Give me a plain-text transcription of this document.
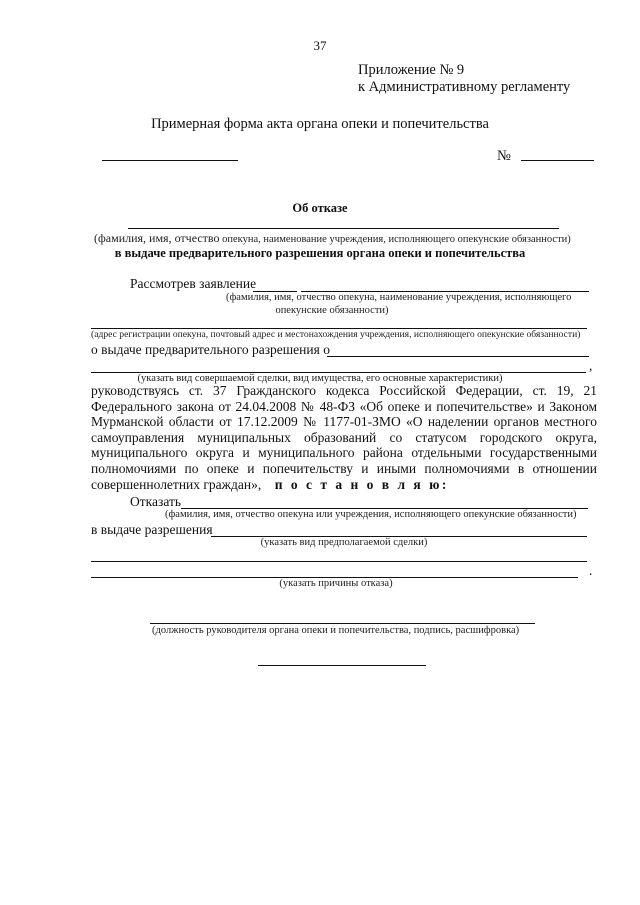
37
Приложение № 9
к Административному регламенту
Примерная форма акта органа опеки и попечительства
№
Об отказе
(фамилия, имя, отчество опекуна, наименование учреждения, исполняющего опекунские обязанности)
в выдаче предварительного разрешения органа опеки и попечительства
Рассмотрев заявление
(фамилия, имя, отчество опекуна, наименование учреждения, исполняющего
опекунские обязанности)
(адрес регистрации опекуна, почтовый адрес и местонахождения учреждения, исполняющего опекунские обязанности)
о выдаче предварительного разрешения о
,
(указать вид совершаемой сделки, вид имущества, его основные характеристики)
руководствуясь ст. 37 Гражданского кодекса Российской Федерации, ст. 19, 21
Федерального закона от 24.04.2008 № 48-ФЗ «Об опеке и попечительстве» и Законом
Мурманской области от 17.12.2009 № 1177-01-ЗМО «О наделении органов местного
самоуправления муниципальных образований со статусом городского округа,
муниципального округа и муниципального района отдельными государственными
полномочиями по опеке и попечительству и иными полномочиями в отношении
совершеннолетних граждан», п о с т а н о в л я ю:
Отказать
(фамилия, имя, отчество опекуна или учреждения, исполняющего опекунские обязанности)
в выдаче разрешения
(указать вид предполагаемой сделки)
.
(указать причины отказа)
(должность руководителя органа опеки и попечительства, подпись, расшифровка)
